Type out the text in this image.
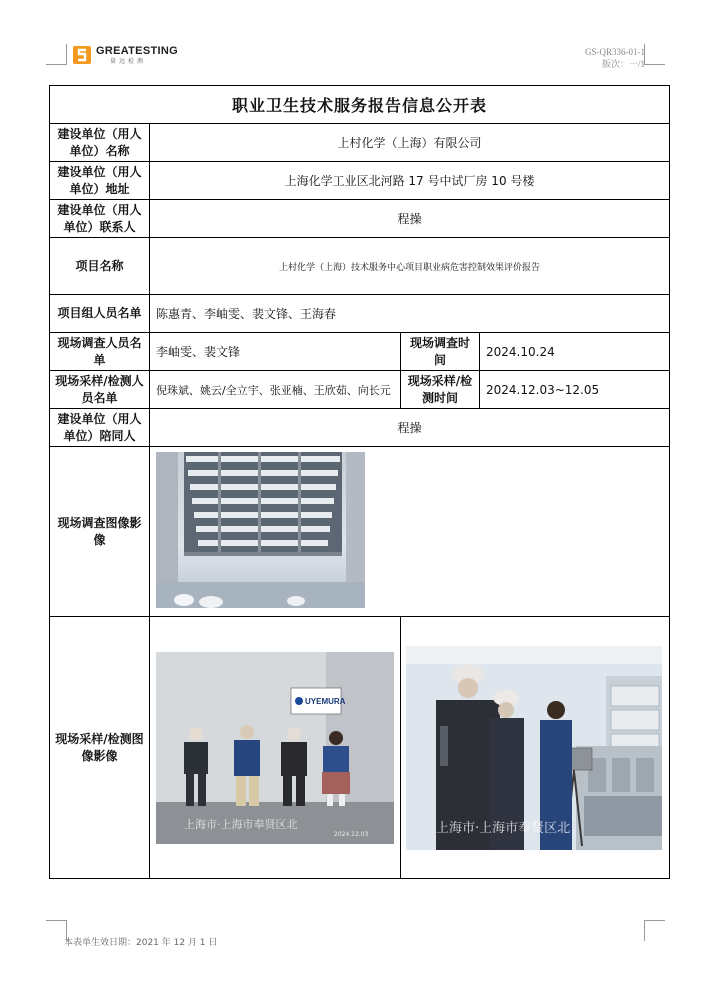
GREATESTING
量远检测
GS-QR336-01-1
版次：一/1
职业卫生技术服务报告信息公开表			
建设单位（用人单位）名称	上村化学（上海）有限公司		
建设单位（用人单位）地址	上海化学工业区北河路 17 号中试厂房 10 号楼		
建设单位（用人单位）联系人	程操		
项目名称	上村化学（上海）技术服务中心项目职业病危害控制效果评价报告		
项目组人员名单	陈惠青、李岫雯、裴文锋、王海春		
现场调查人员名单	李岫雯、裴文锋	现场调查时间	2024.10.24
现场采样/检测人员名单	倪珠斌、姚云/全立宇、张亚楠、王欣茹、向长元	现场采样/检测时间	2024.12.03~12.05
建设单位（用人单位）陪同人	程操		
现场调查图像影像	

现场采样/检测图像影像	UYEMURA
上海市·上海市奉贤区北
2024.12.03	上海市·上海市奉贤区北	
本表单生效日期：2021 年 12 月 1 日
